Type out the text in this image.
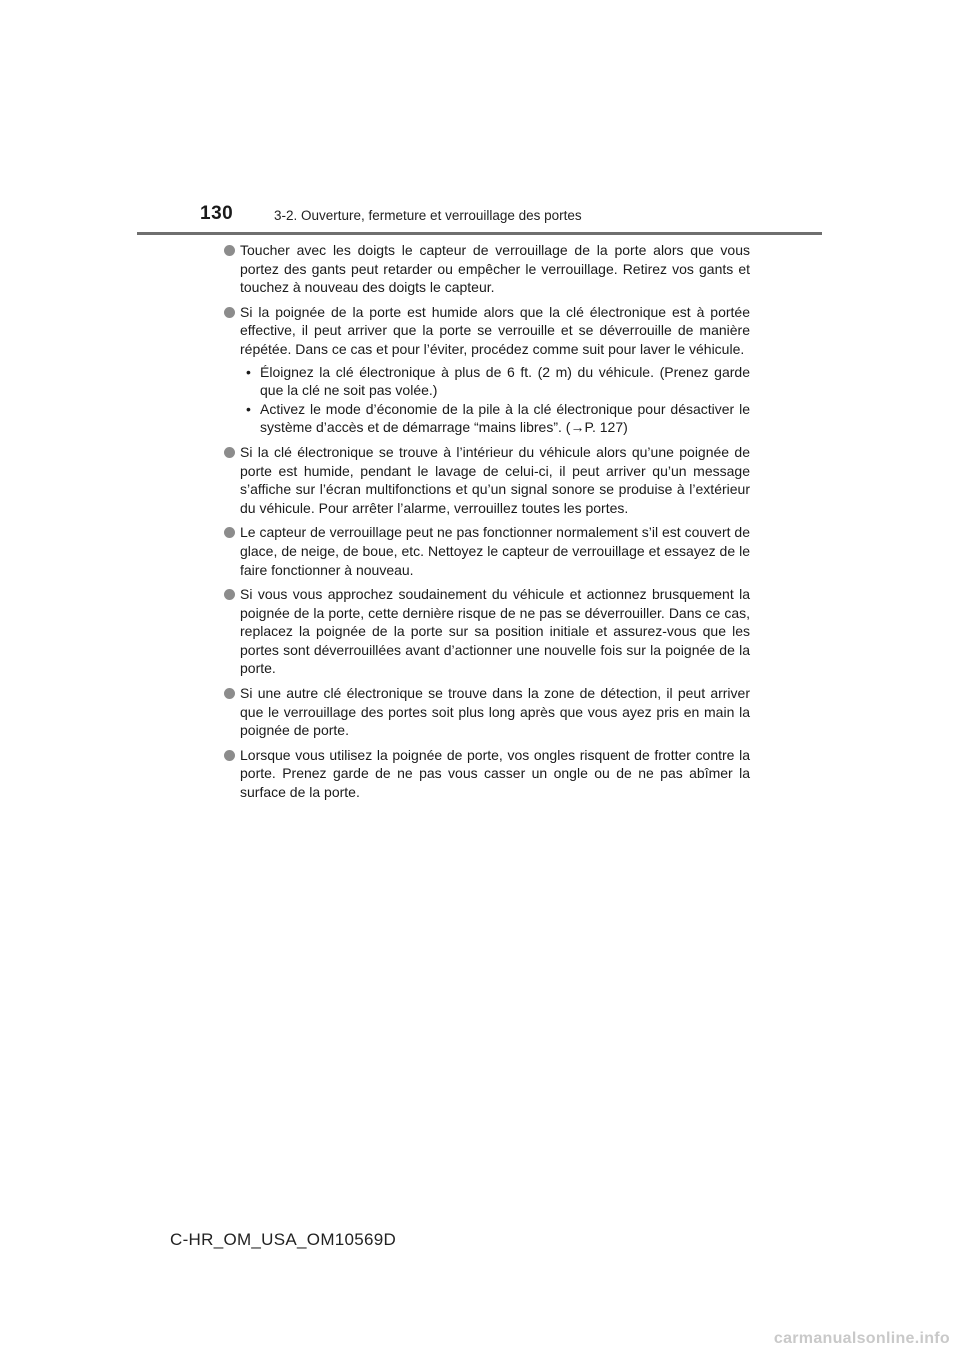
130	3-2. Ouverture, fermeture et verrouillage des portes
Toucher avec les doigts le capteur de verrouillage de la porte alors que vous portez des gants peut retarder ou empêcher le verrouillage. Retirez vos gants et touchez à nouveau des doigts le capteur.
Si la poignée de la porte est humide alors que la clé électronique est à portée effective, il peut arriver que la porte se verrouille et se déverrouille de manière répétée. Dans ce cas et pour l’éviter, procédez comme suit pour laver le véhicule.
• Éloignez la clé électronique à plus de 6 ft. (2 m) du véhicule. (Prenez garde que la clé ne soit pas volée.)
• Activez le mode d’économie de la pile à la clé électronique pour désactiver le système d’accès et de démarrage “mains libres”. (→P. 127)
Si la clé électronique se trouve à l’intérieur du véhicule alors qu’une poignée de porte est humide, pendant le lavage de celui-ci, il peut arriver qu’un message s’affiche sur l’écran multifonctions et qu’un signal sonore se produise à l’extérieur du véhicule. Pour arrêter l’alarme, verrouillez toutes les portes.
Le capteur de verrouillage peut ne pas fonctionner normalement s’il est couvert de glace, de neige, de boue, etc. Nettoyez le capteur de verrouillage et essayez de le faire fonctionner à nouveau.
Si vous vous approchez soudainement du véhicule et actionnez brusquement la poignée de la porte, cette dernière risque de ne pas se déverrouiller. Dans ce cas, replacez la poignée de la porte sur sa position initiale et assurez-vous que les portes sont déverrouillées avant d’actionner une nouvelle fois sur la poignée de la porte.
Si une autre clé électronique se trouve dans la zone de détection, il peut arriver que le verrouillage des portes soit plus long après que vous ayez pris en main la poignée de porte.
Lorsque vous utilisez la poignée de porte, vos ongles risquent de frotter contre la porte. Prenez garde de ne pas vous casser un ongle ou de ne pas abîmer la surface de la porte.
C-HR_OM_USA_OM10569D
carmanualsonline.info
